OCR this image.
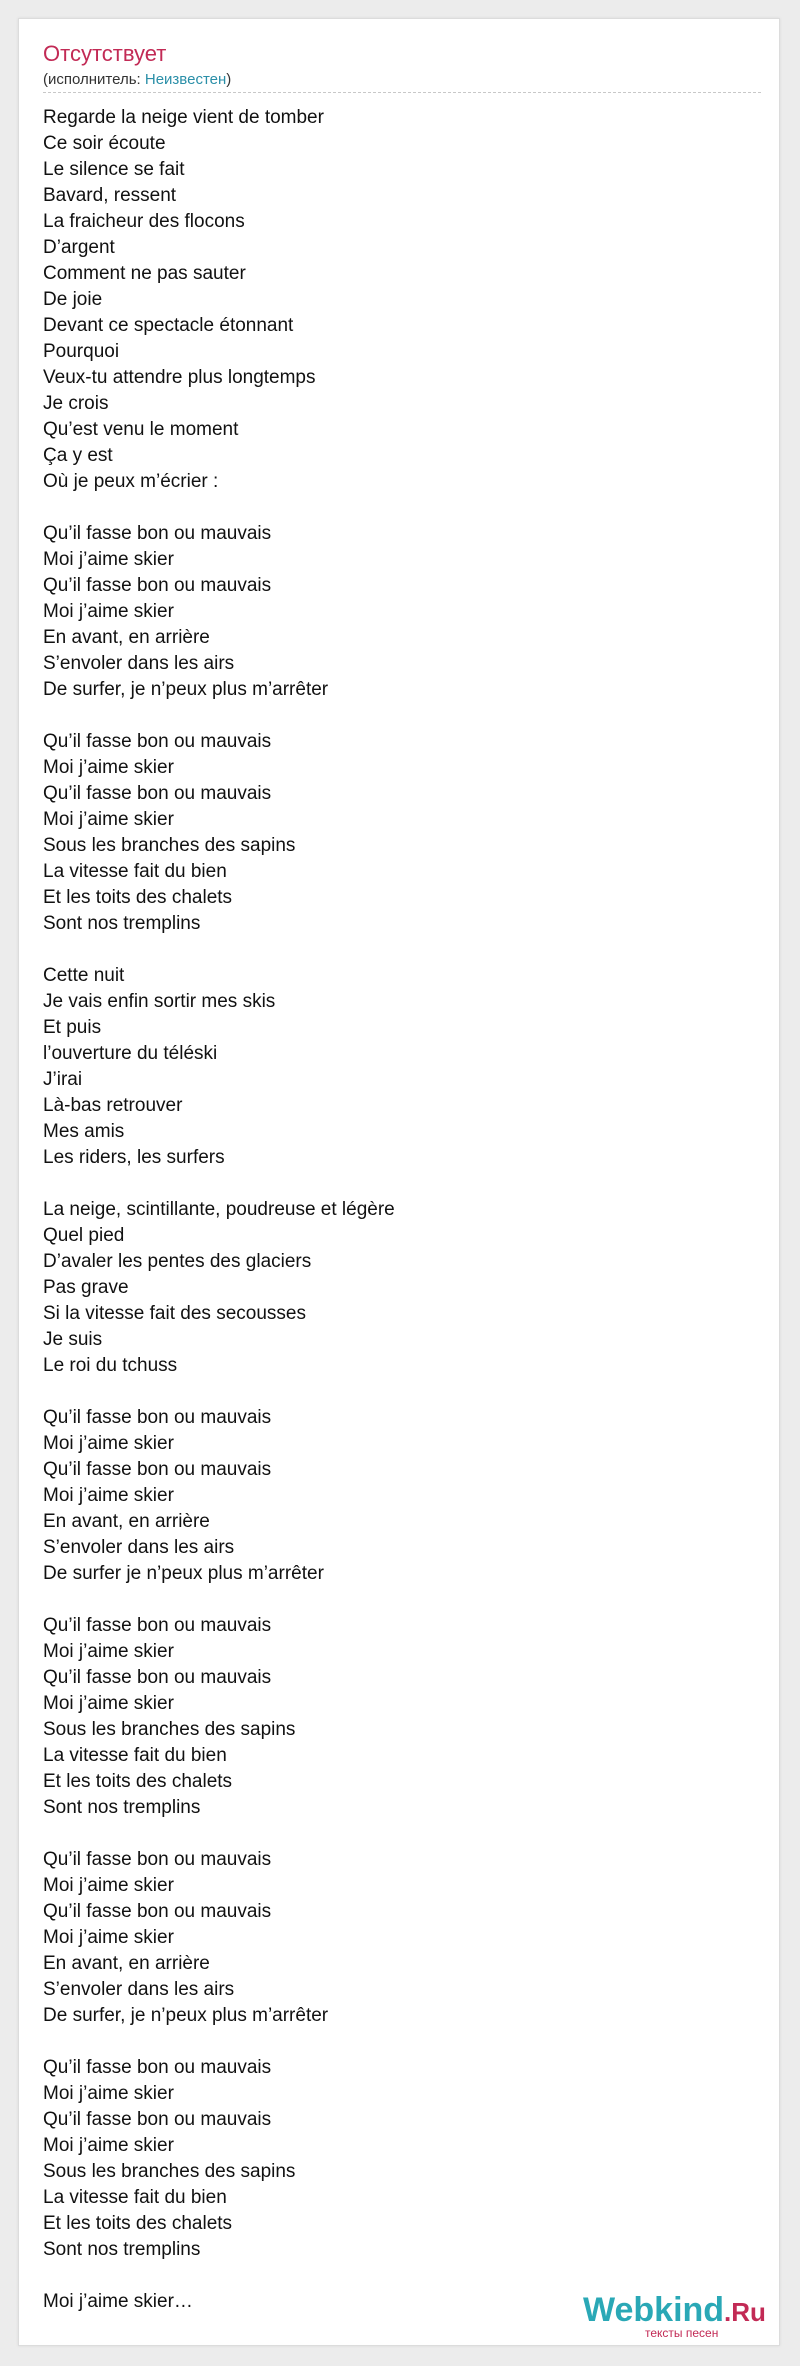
Отсутствует
(исполнитель: Неизвестен)
Regarde la neige vient de tomber
Ce soir écoute
Le silence se fait
Bavard, ressent
La fraicheur des flocons
D’argent
Comment ne pas sauter
De joie
Devant ce spectacle étonnant
Pourquoi
Veux-tu attendre plus longtemps
Je crois
Qu’est venu le moment
Ça y est
Où je peux m’écrier :
Qu’il fasse bon ou mauvais
Moi j’aime skier
Qu’il fasse bon ou mauvais
Moi j’aime skier
En avant, en arrière
S’envoler dans les airs
De surfer, je n’peux plus m’arrêter
Qu’il fasse bon ou mauvais
Moi j’aime skier
Qu’il fasse bon ou mauvais
Moi j’aime skier
Sous les branches des sapins
La vitesse fait du bien
Et les toits des chalets
Sont nos tremplins
Cette nuit
Je vais enfin sortir mes skis
Et puis
l’ouverture du téléski
J’irai
Là-bas retrouver
Mes amis
Les riders, les surfers
La neige, scintillante, poudreuse et légère
Quel pied
D’avaler les pentes des glaciers
Pas grave
Si la vitesse fait des secousses
Je suis
Le roi du tchuss
Qu’il fasse bon ou mauvais
Moi j’aime skier
Qu’il fasse bon ou mauvais
Moi j’aime skier
En avant, en arrière
S’envoler dans les airs
De surfer je n’peux plus m’arrêter
Qu’il fasse bon ou mauvais
Moi j’aime skier
Qu’il fasse bon ou mauvais
Moi j’aime skier
Sous les branches des sapins
La vitesse fait du bien
Et les toits des chalets
Sont nos tremplins
Qu’il fasse bon ou mauvais
Moi j’aime skier
Qu’il fasse bon ou mauvais
Moi j’aime skier
En avant, en arrière
S’envoler dans les airs
De surfer, je n’peux plus m’arrêter
Qu’il fasse bon ou mauvais
Moi j’aime skier
Qu’il fasse bon ou mauvais
Moi j’aime skier
Sous les branches des sapins
La vitesse fait du bien
Et les toits des chalets
Sont nos tremplins
Moi j’aime skier…	Webkind.Ru
тексты песен
